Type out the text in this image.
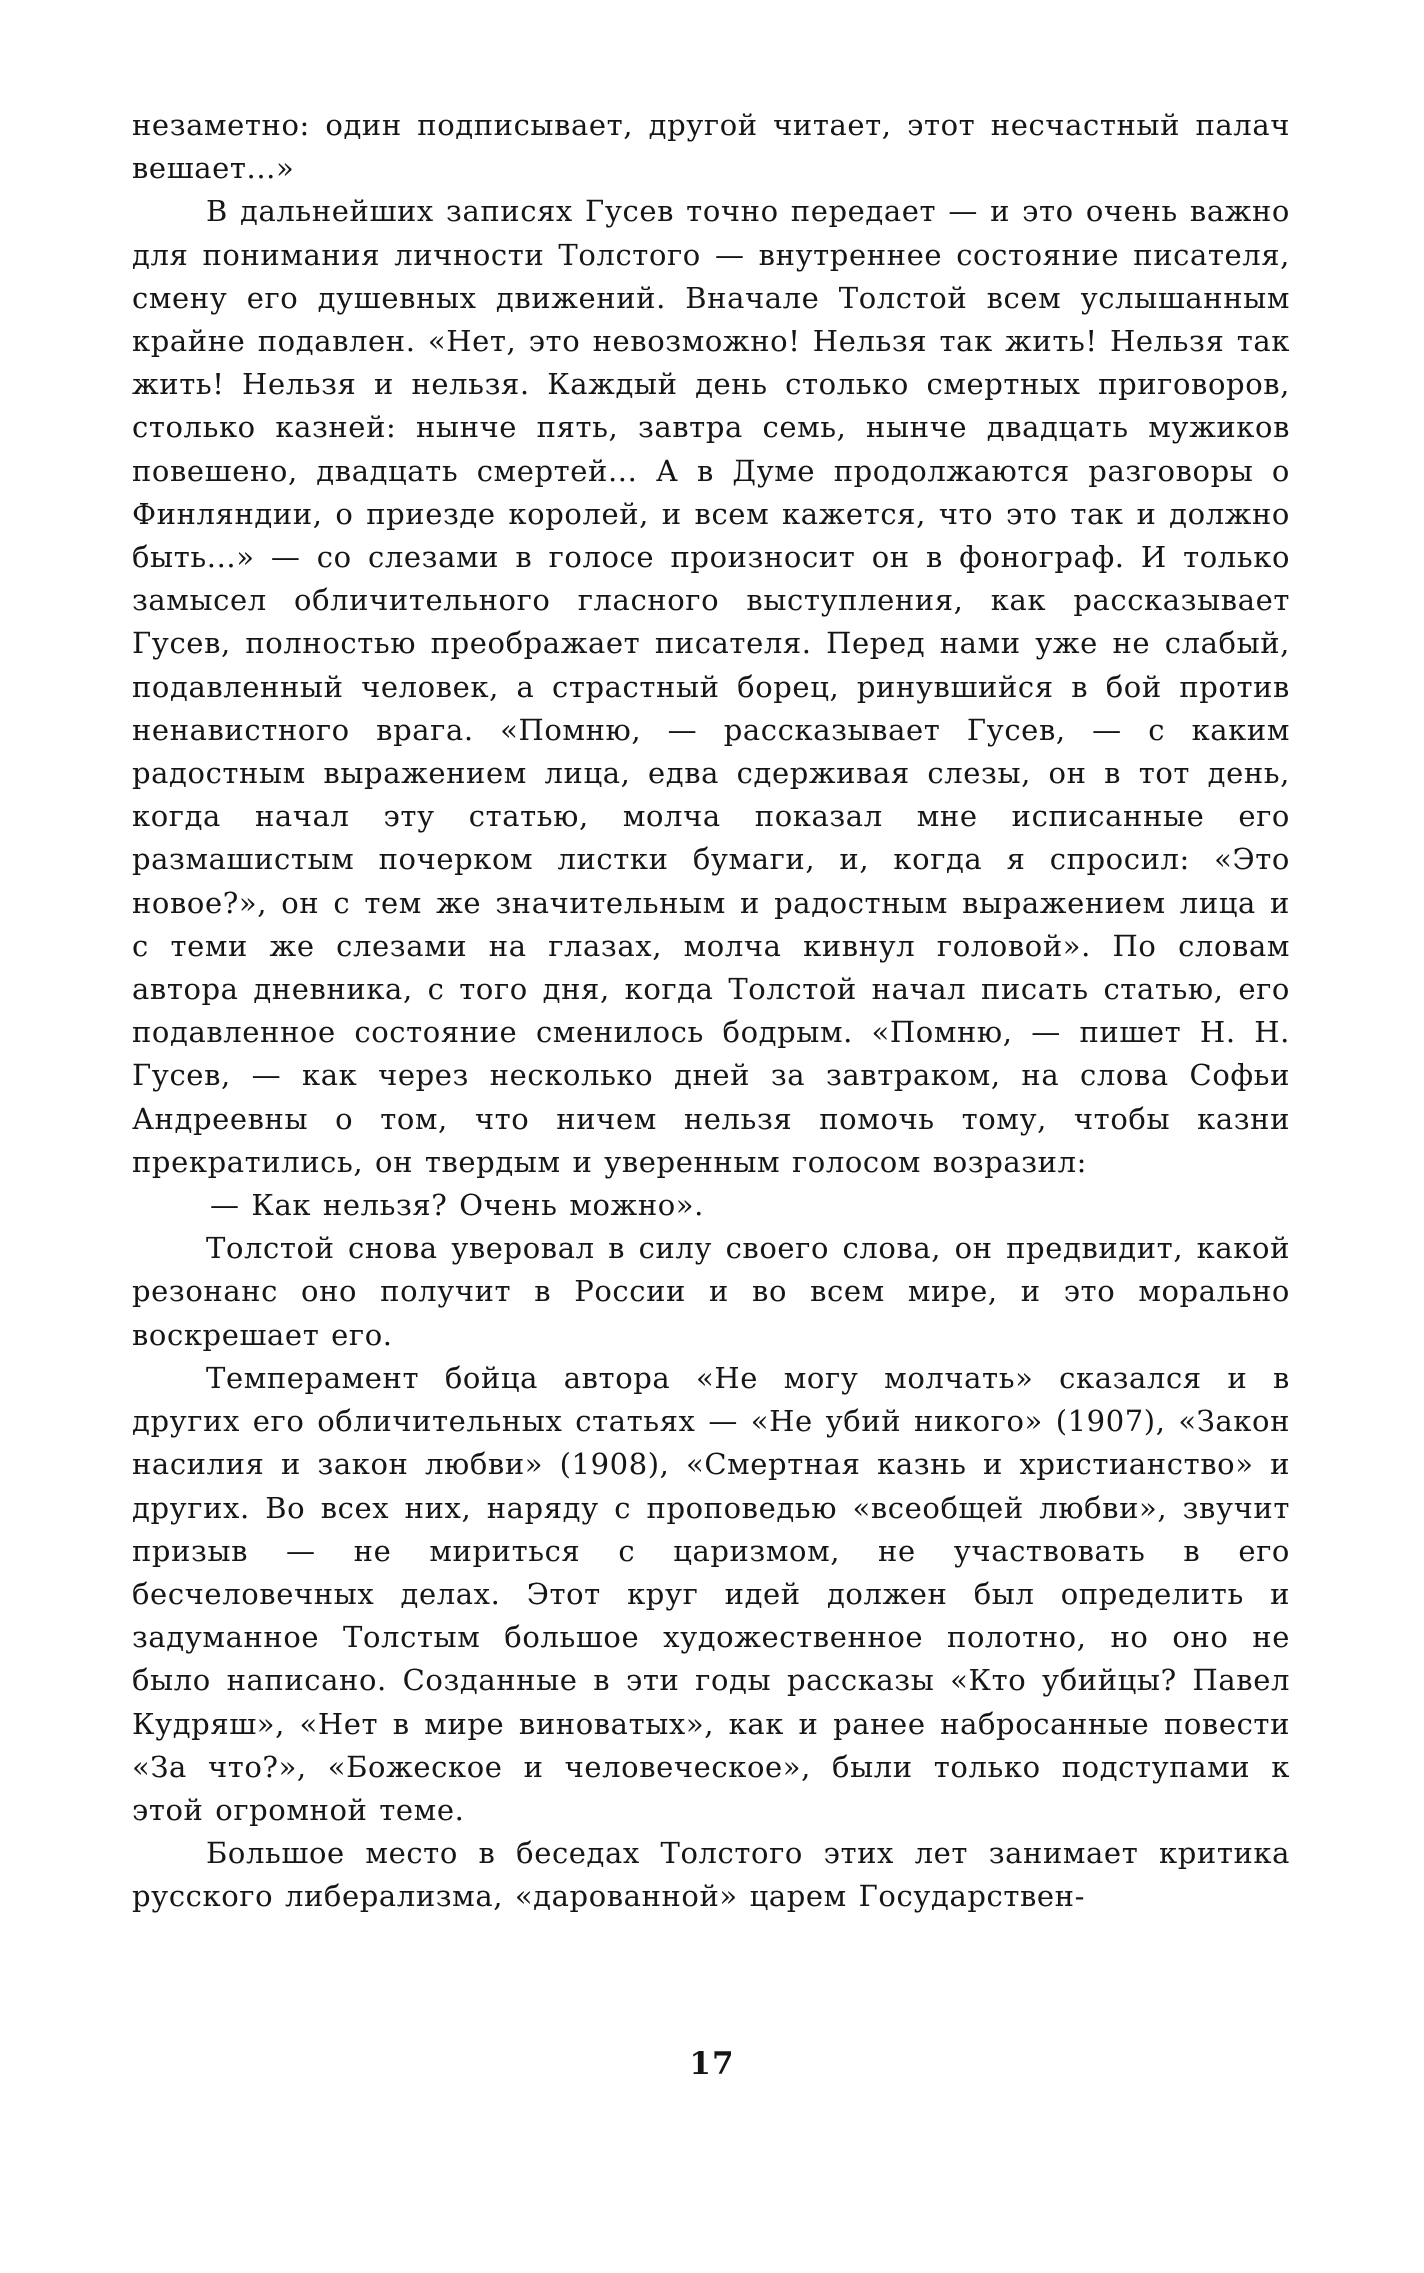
незаметно: один подписывает, другой читает, этот несчастный палач вешает...»

В дальнейших записях Гусев точно передает — и это очень важно для понимания личности Толстого — внутреннее состояние писателя, смену его душевных движений. Вначале Толстой всем услышанным крайне подавлен. «Нет, это невозможно! Нельзя так жить! Нельзя так жить! Нельзя и нельзя. Каждый день столько смертных приговоров, столько казней: нынче пять, завтра семь, нынче двадцать мужиков повешено, двадцать смертей... А в Думе продолжаются разговоры о Финляндии, о приезде королей, и всем кажется, что это так и должно быть...» — со слезами в голосе произносит он в фонограф. И только замысел обличительного гласного выступления, как рассказывает Гусев, полностью преображает писателя. Перед нами уже не слабый, подавленный человек, а страстный борец, ринувшийся в бой против ненавистного врага. «Помню, — рассказывает Гусев, — с каким радостным выражением лица, едва сдерживая слезы, он в тот день, когда начал эту статью, молча показал мне исписанные его размашистым почерком листки бумаги, и, когда я спросил: «Это новое?», он с тем же значительным и радостным выражением лица и с теми же слезами на глазах, молча кивнул головой». По словам автора дневника, с того дня, когда Толстой начал писать статью, его подавленное состояние сменилось бодрым. «Помню, — пишет Н. Н. Гусев, — как через несколько дней за завтраком, на слова Софьи Андреевны о том, что ничем нельзя помочь тому, чтобы казни прекратились, он твердым и уверенным голосом возразил:

— Как нельзя? Очень можно».

Толстой снова уверовал в силу своего слова, он предвидит, какой резонанс оно получит в России и во всем мире, и это морально воскрешает его.

Темперамент бойца автора «Не могу молчать» сказался и в других его обличительных статьях — «Не убий никого» (1907), «Закон насилия и закон любви» (1908), «Смертная казнь и христианство» и других. Во всех них, наряду с проповедью «всеобщей любви», звучит призыв — не мириться с царизмом, не участвовать в его бесчеловечных делах. Этот круг идей должен был определить и задуманное Толстым большое художественное полотно, но оно не было написано. Созданные в эти годы рассказы «Кто убийцы? Павел Кудряш», «Нет в мире виноватых», как и ранее набросанные повести «За что?», «Божеское и человеческое», были только подступами к этой огромной теме.

Большое место в беседах Толстого этих лет занимает критика русского либерализма, «дарованной» царем Государствен-

17
